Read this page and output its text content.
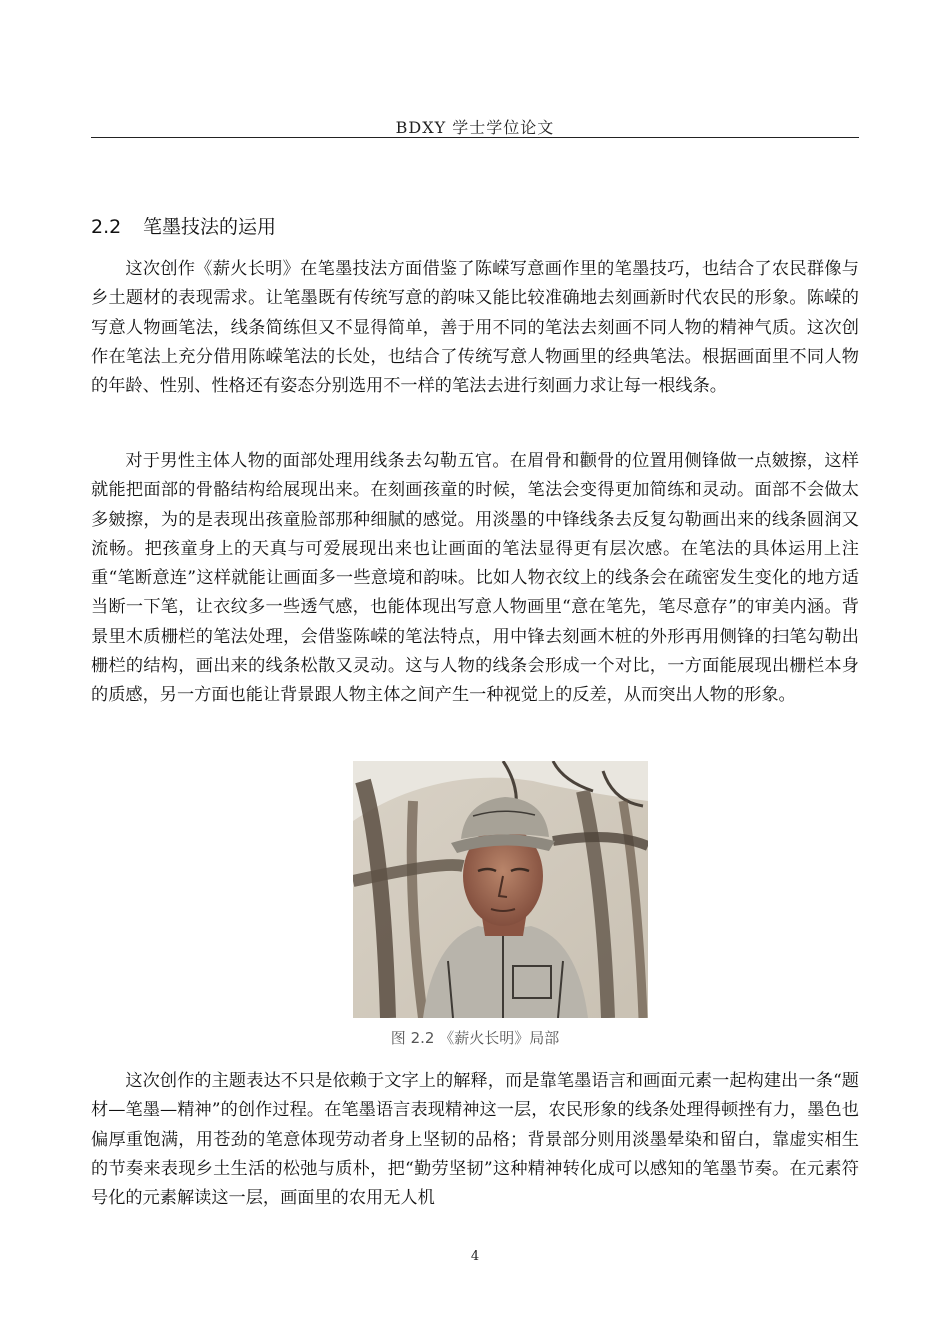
BDXY 学士学位论文
2.2 笔墨技法的运用

这次创作《薪火长明》在笔墨技法方面借鉴了陈嵘写意画作里的笔墨技巧，也结合了农民群像与乡土题材的表现需求。让笔墨既有传统写意的韵味又能比较准确地去刻画新时代农民的形象。陈嵘的写意人物画笔法，线条简练但又不显得简单，善于用不同的笔法去刻画不同人物的精神气质。这次创作在笔法上充分借用陈嵘笔法的长处，也结合了传统写意人物画里的经典笔法。根据画面里不同人物的年龄、性别、性格还有姿态分别选用不一样的笔法去进行刻画力求让每一根线条。

对于男性主体人物的面部处理用线条去勾勒五官。在眉骨和颧骨的位置用侧锋做一点皴擦，这样就能把面部的骨骼结构给展现出来。在刻画孩童的时候，笔法会变得更加简练和灵动。面部不会做太多皴擦，为的是表现出孩童脸部那种细腻的感觉。用淡墨的中锋线条去反复勾勒画出来的线条圆润又流畅。把孩童身上的天真与可爱展现出来也让画面的笔法显得更有层次感。在笔法的具体运用上注重“笔断意连”这样就能让画面多一些意境和韵味。比如人物衣纹上的线条会在疏密发生变化的地方适当断一下笔，让衣纹多一些透气感，也能体现出写意人物画里“意在笔先，笔尽意存”的审美内涵。背景里木质栅栏的笔法处理，会借鉴陈嵘的笔法特点，用中锋去刻画木桩的外形再用侧锋的扫笔勾勒出栅栏的结构，画出来的线条松散又灵动。这与人物的线条会形成一个对比，一方面能展现出栅栏本身的质感，另一方面也能让背景跟人物主体之间产生一种视觉上的反差，从而突出人物的形象。

图 2.2 《薪火长明》局部

这次创作的主题表达不只是依赖于文字上的解释，而是靠笔墨语言和画面元素一起构建出一条“题材—笔墨—精神”的创作过程。在笔墨语言表现精神这一层，农民形象的线条处理得顿挫有力，墨色也偏厚重饱满，用苍劲的笔意体现劳动者身上坚韧的品格；背景部分则用淡墨晕染和留白，靠虚实相生的节奏来表现乡土生活的松弛与质朴，把“勤劳坚韧”这种精神转化成可以感知的笔墨节奏。在元素符号化的元素解读这一层，画面里的农用无人机

4
